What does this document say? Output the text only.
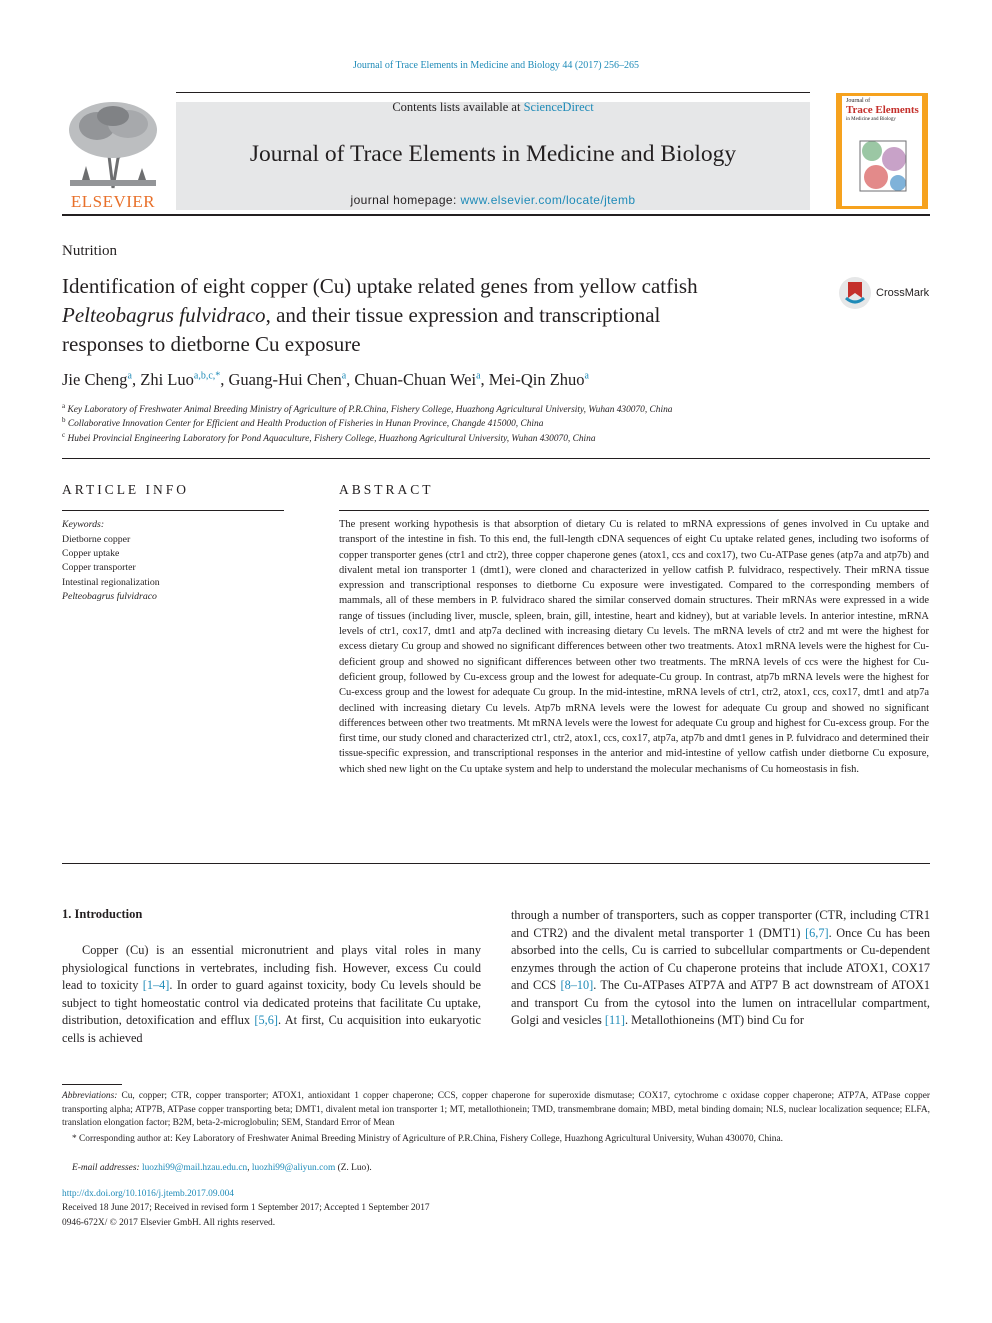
Journal of Trace Elements in Medicine and Biology 44 (2017) 256–265
ELSEVIER
Contents lists available at ScienceDirect
Journal of Trace Elements in Medicine and Biology
journal homepage: www.elsevier.com/locate/jtemb
Journal of
Trace Elements
in Medicine and Biology
Nutrition
Identification of eight copper (Cu) uptake related genes from yellow catfish
Pelteobagrus fulvidraco, and their tissue expression and transcriptional
responses to dietborne Cu exposure
CrossMark
Jie Cheng$^a$, Zhi Luo$^{a,b,c,*}$, Guang-Hui Chen$^a$, Chuan-Chuan Wei$^a$, Mei-Qin Zhuo$^a$
$^a$ Key Laboratory of Freshwater Animal Breeding Ministry of Agriculture of P.R.China, Fishery College, Huazhong Agricultural University, Wuhan 430070, China
$^b$ Collaborative Innovation Center for Efficient and Health Production of Fisheries in Hunan Province, Changde 415000, China
$^c$ Hubei Provincial Engineering Laboratory for Pond Aquaculture, Fishery College, Huazhong Agricultural University, Wuhan 430070, China
ARTICLE INFO
Keywords:
Dietborne copper
Copper uptake
Copper transporter
Intestinal regionalization
Pelteobagrus fulvidraco
ABSTRACT
The present working hypothesis is that absorption of dietary Cu is related to mRNA expressions of genes involved in Cu uptake and transport of the intestine in fish. To this end, the full-length cDNA sequences of eight Cu uptake related genes, including two isoforms of copper transporter genes (ctr1 and ctr2), three copper chaperone genes (atox1, ccs and cox17), two Cu-ATPase genes (atp7a and atp7b) and divalent metal ion transporter 1 (dmt1), were cloned and characterized in yellow catfish P. fulvidraco, respectively. Their mRNA tissue expression and transcriptional responses to dietborne Cu exposure were investigated. Compared to the corresponding members of mammals, all of these members in P. fulvidraco shared the similar conserved domain structures. Their mRNAs were expressed in a wide range of tissues (including liver, muscle, spleen, brain, gill, intestine, heart and kidney), but at variable levels. In anterior intestine, mRNA levels of ctr1, cox17, dmt1 and atp7a declined with increasing dietary Cu levels. The mRNA levels of ctr2 and mt were the highest for excess dietary Cu group and showed no significant differences between other two treatments. Atox1 mRNA levels were the highest for Cu-deficient group and showed no significant differences between other two treatments. The mRNA levels of ccs were the highest for Cu-deficient group, followed by Cu-excess group and the lowest for adequate-Cu group. In contrast, atp7b mRNA levels were the highest for Cu-excess group and the lowest for adequate Cu group. In the mid-intestine, mRNA levels of ctr1, ctr2, atox1, ccs, cox17, dmt1 and atp7a declined with increasing dietary Cu levels. Atp7b mRNA levels were the lowest for adequate Cu group and showed no significant differences between other two treatments. Mt mRNA levels were the lowest for adequate Cu group and highest for Cu-excess group. For the first time, our study cloned and characterized ctr1, ctr2, atox1, ccs, cox17, atp7a, atp7b and dmt1 genes in P. fulvidraco and determined their tissue-specific expression, and transcriptional responses in the anterior and mid-intestine of yellow catfish under dietborne Cu exposure, which shed new light on the Cu uptake system and help to understand the molecular mechanisms of Cu homeostasis in fish.
1. Introduction
Copper (Cu) is an essential micronutrient and plays vital roles in many physiological functions in vertebrates, including fish. However, excess Cu could lead to toxicity [1–4]. In order to guard against toxicity, body Cu levels should be subject to tight homeostatic control via dedicated proteins that facilitate Cu uptake, distribution, detoxification and efflux [5,6]. At first, Cu acquisition into eukaryotic cells is achieved
through a number of transporters, such as copper transporter (CTR, including CTR1 and CTR2) and the divalent metal transporter 1 (DMT1) [6,7]. Once Cu has been absorbed into the cells, Cu is carried to subcellular compartments or Cu-dependent enzymes through the action of Cu chaperone proteins that include ATOX1, COX17 and CCS [8–10]. The Cu-ATPases ATP7A and ATP7 B act downstream of ATOX1 and transport Cu from the cytosol into the lumen on intracellular compartment, Golgi and vesicles [11]. Metallothioneins (MT) bind Cu for
Abbreviations: Cu, copper; CTR, copper transporter; ATOX1, antioxidant 1 copper chaperone; CCS, copper chaperone for superoxide dismutase; COX17, cytochrome c oxidase copper chaperone; ATP7A, ATPase copper transporting alpha; ATP7B, ATPase copper transporting beta; DMT1, divalent metal ion transporter 1; MT, metallothionein; TMD, transmembrane domain; MBD, metal binding domain; NLS, nuclear localization sequence; ELFA, translation elongation factor; B2M, beta-2-microglobulin; SEM, Standard Error of Mean
* Corresponding author at: Key Laboratory of Freshwater Animal Breeding Ministry of Agriculture of P.R.China, Fishery College, Huazhong Agricultural University, Wuhan 430070, China.
E-mail addresses: luozhi99@mail.hzau.edu.cn, luozhi99@aliyun.com (Z. Luo).
http://dx.doi.org/10.1016/j.jtemb.2017.09.004
Received 18 June 2017; Received in revised form 1 September 2017; Accepted 1 September 2017
0946-672X/ © 2017 Elsevier GmbH. All rights reserved.
